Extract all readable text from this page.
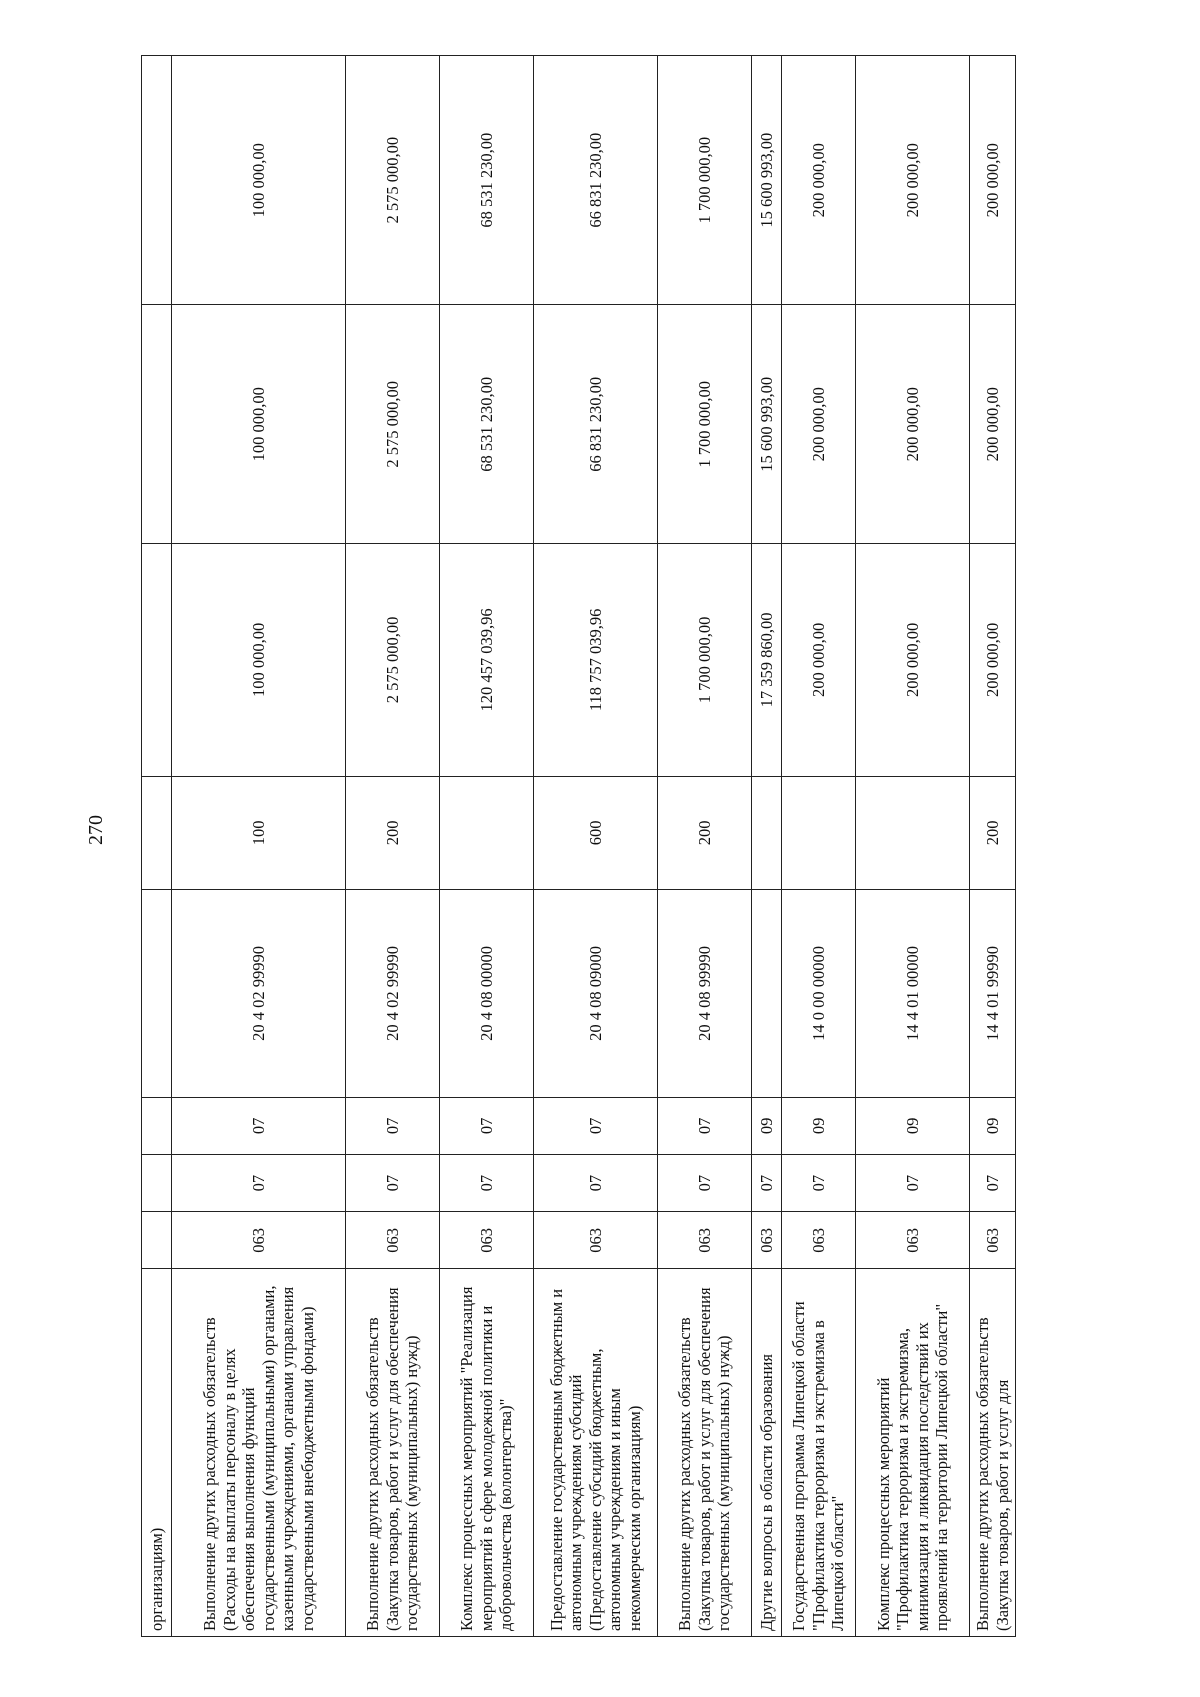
270
организациям)								
Выполнение других расходных обязательств (Расходы на выплаты персоналу в целях обеспечения выполнения функций государственными (муниципальными) органами, казенными учреждениями, органами управления государственными внебюджетными фондами)	063	07	07	20 4 02 99990	100	100 000,00	100 000,00	100 000,00
Выполнение других расходных обязательств (Закупка товаров, работ и услуг для обеспечения государственных (муниципальных) нужд)	063	07	07	20 4 02 99990	200	2 575 000,00	2 575 000,00	2 575 000,00
Комплекс процессных мероприятий "Реализация мероприятий в сфере молодежной политики и добровольчества (волонтерства)"	063	07	07	20 4 08 00000		120 457 039,96	68 531 230,00	68 531 230,00
Предоставление государственным бюджетным и автономным учреждениям субсидий (Предоставление субсидий бюджетным, автономным учреждениям и иным некоммерческим организациям)	063	07	07	20 4 08 09000	600	118 757 039,96	66 831 230,00	66 831 230,00
Выполнение других расходных обязательств (Закупка товаров, работ и услуг для обеспечения государственных (муниципальных) нужд)	063	07	07	20 4 08 99990	200	1 700 000,00	1 700 000,00	1 700 000,00
Другие вопросы в области образования	063	07	09			17 359 860,00	15 600 993,00	15 600 993,00
Государственная программа Липецкой области "Профилактика терроризма и экстремизма в Липецкой области"	063	07	09	14 0 00 00000		200 000,00	200 000,00	200 000,00
Комплекс процессных мероприятий "Профилактика терроризма и экстремизма, минимизация и ликвидация последствий их проявлений на территории Липецкой области"	063	07	09	14 4 01 00000		200 000,00	200 000,00	200 000,00
Выполнение других расходных обязательств (Закупка товаров, работ и услуг для	063	07	09	14 4 01 99990	200	200 000,00	200 000,00	200 000,00
